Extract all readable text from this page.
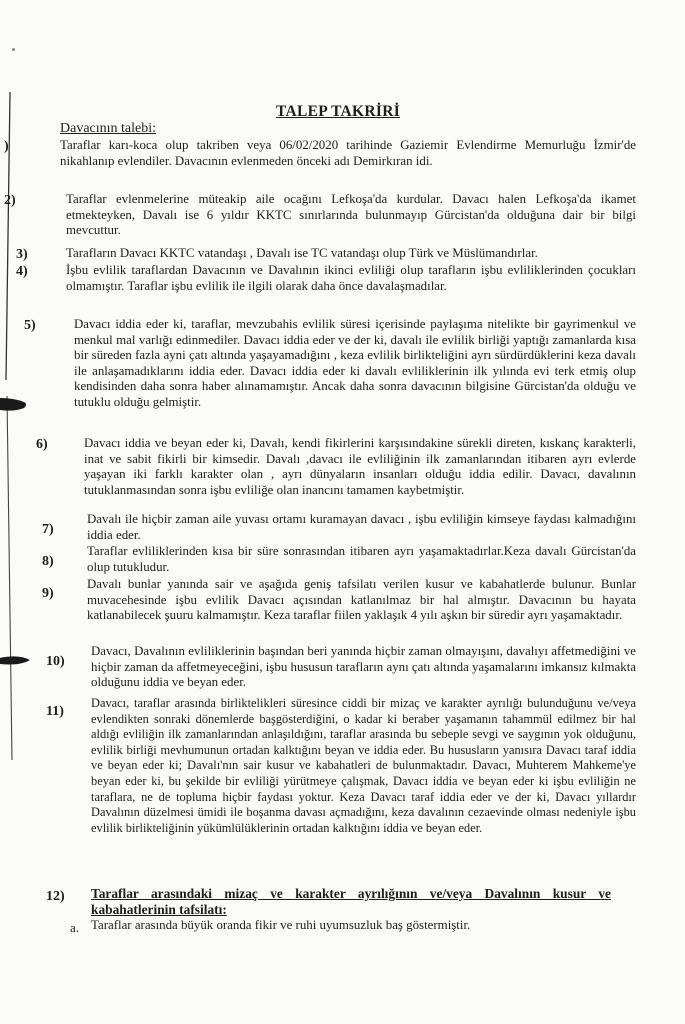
TALEP TAKRİRİ
Davacının talebi:
)	Taraflar karı-koca olup takriben veya 06/02/2020 tarihinde Gaziemir Evlendirme Memurluğu İzmir'de nikahlanıp evlendiler. Davacının evlenmeden önceki adı Demirkıran idi.

2)	Taraflar evlenmelerine müteakip aile ocağını Lefkoşa'da kurdular. Davacı halen Lefkoşa'da ikamet etmekteyken, Davalı ise 6 yıldır KKTC sınırlarında bulunmayıp Gürcistan'da olduğuna dair bir bilgi mevcuttur.

3)	Tarafların Davacı KKTC vatandaşı , Davalı ise TC vatandaşı olup Türk ve Müslümandırlar.

4)	İşbu evlilik taraflardan Davacının ve Davalının ikinci evliliği olup tarafların işbu evliliklerinden çocukları olmamıştır. Taraflar işbu evlilik ile ilgili olarak daha önce davalaşmadılar.

5)	Davacı iddia eder ki, taraflar, mevzubahis evlilik süresi içerisinde paylaşıma nitelikte bir gayrimenkul ve menkul mal varlığı edinmediler. Davacı iddia eder ve der ki, davalı ile evlilik birliği yaptığı zamanlarda kısa bir süreden fazla ayni çatı altında yaşayamadığını , keza evlilik birlikteliğini ayrı sürdürdüklerini keza davalı ile anlaşamadıklarını iddia eder. Davacı iddia eder ki davalı evliliklerinin ilk yılında evi terk etmiş olup kendisinden daha sonra haber alınamamıştır. Ancak daha sonra davacının bilgisine Gürcistan'da olduğu ve tutuklu olduğu gelmiştir.

6)	Davacı iddia ve beyan eder ki, Davalı, kendi fikirlerini karşısındakine sürekli direten, kıskanç karakterli, inat ve sabit fikirli bir kimsedir. Davalı ,davacı ile evliliğinin ilk zamanlarından itibaren ayrı evlerde yaşayan iki farklı karakter olan , ayrı dünyaların insanları olduğu iddia edilir. Davacı, davalının tutuklanmasından sonra işbu evliliğe olan inancını tamamen kaybetmiştir.

7)

Davalı ile hiçbir zaman aile yuvası ortamı kuramayan davacı , işbu evliliğin kimseye faydası kalmadığını iddia eder.

8)

Taraflar evliliklerinden kısa bir süre sonrasından itibaren ayrı yaşamaktadırlar.Keza davalı Gürcistan'da olup tutukludur.

9)

Davalı bunlar yanında sair ve aşağıda geniş tafsilatı verilen kusur ve kabahatlerde bulunur. Bunlar muvacehesinde işbu evlilik Davacı açısından katlanılmaz bir hal almıştır. Davacının bu hayata katlanabilecek şuuru kalmamıştır. Keza taraflar fiilen yaklaşık 4 yılı aşkın bir süredir ayrı yaşamaktadır.

10)

Davacı, Davalının evliliklerinin başından beri yanında hiçbir zaman olmayışını, davalıyı affetmediğini ve hiçbir zaman da affetmeyeceğini, işbu hususun tarafların aynı çatı altında yaşamalarını imkansız kılmakta olduğunu iddia ve beyan eder.

11)

Davacı, taraflar arasında birliktelikleri süresince ciddi bir mizaç ve karakter ayrılığı bulunduğunu ve/veya evlendikten sonraki dönemlerde başgösterdiğini, o kadar ki beraber yaşamanın tahammül edilmez bir hal aldığı evliliğin ilk zamanlarından anlaşıldığını, taraflar arasında bu sebeple sevgi ve saygının yok olduğunu, evlilik birliği mevhumunun ortadan kalktığını beyan ve iddia eder. Bu hususların yanısıra Davacı taraf iddia ve beyan eder ki; Davalı'nın sair kusur ve kabahatleri de bulunmaktadır. Davacı, Muhterem Mahkeme'ye beyan eder ki, bu şekilde bir evliliği yürütmeye çalışmak, Davacı iddia ve beyan eder ki işbu evliliğin ne taraflara, ne de topluma hiçbir faydası yoktur. Keza Davacı taraf iddia eder ve der ki, Davacı yıllardır Davalının düzelmesi ümidi ile boşanma davası açmadığını, keza davalının cezaevinde olması nedeniyle işbu evlilik birlikteliğinin yükümlülüklerinin ortadan kalktığını iddia ve beyan eder.

12) Taraflar arasındaki mizaç ve karakter ayrılığının ve/veya Davalının kusur ve kabahatlerinin tafsilatı:

a. Taraflar arasında büyük oranda fikir ve ruhi uyumsuzluk baş göstermiştir.
